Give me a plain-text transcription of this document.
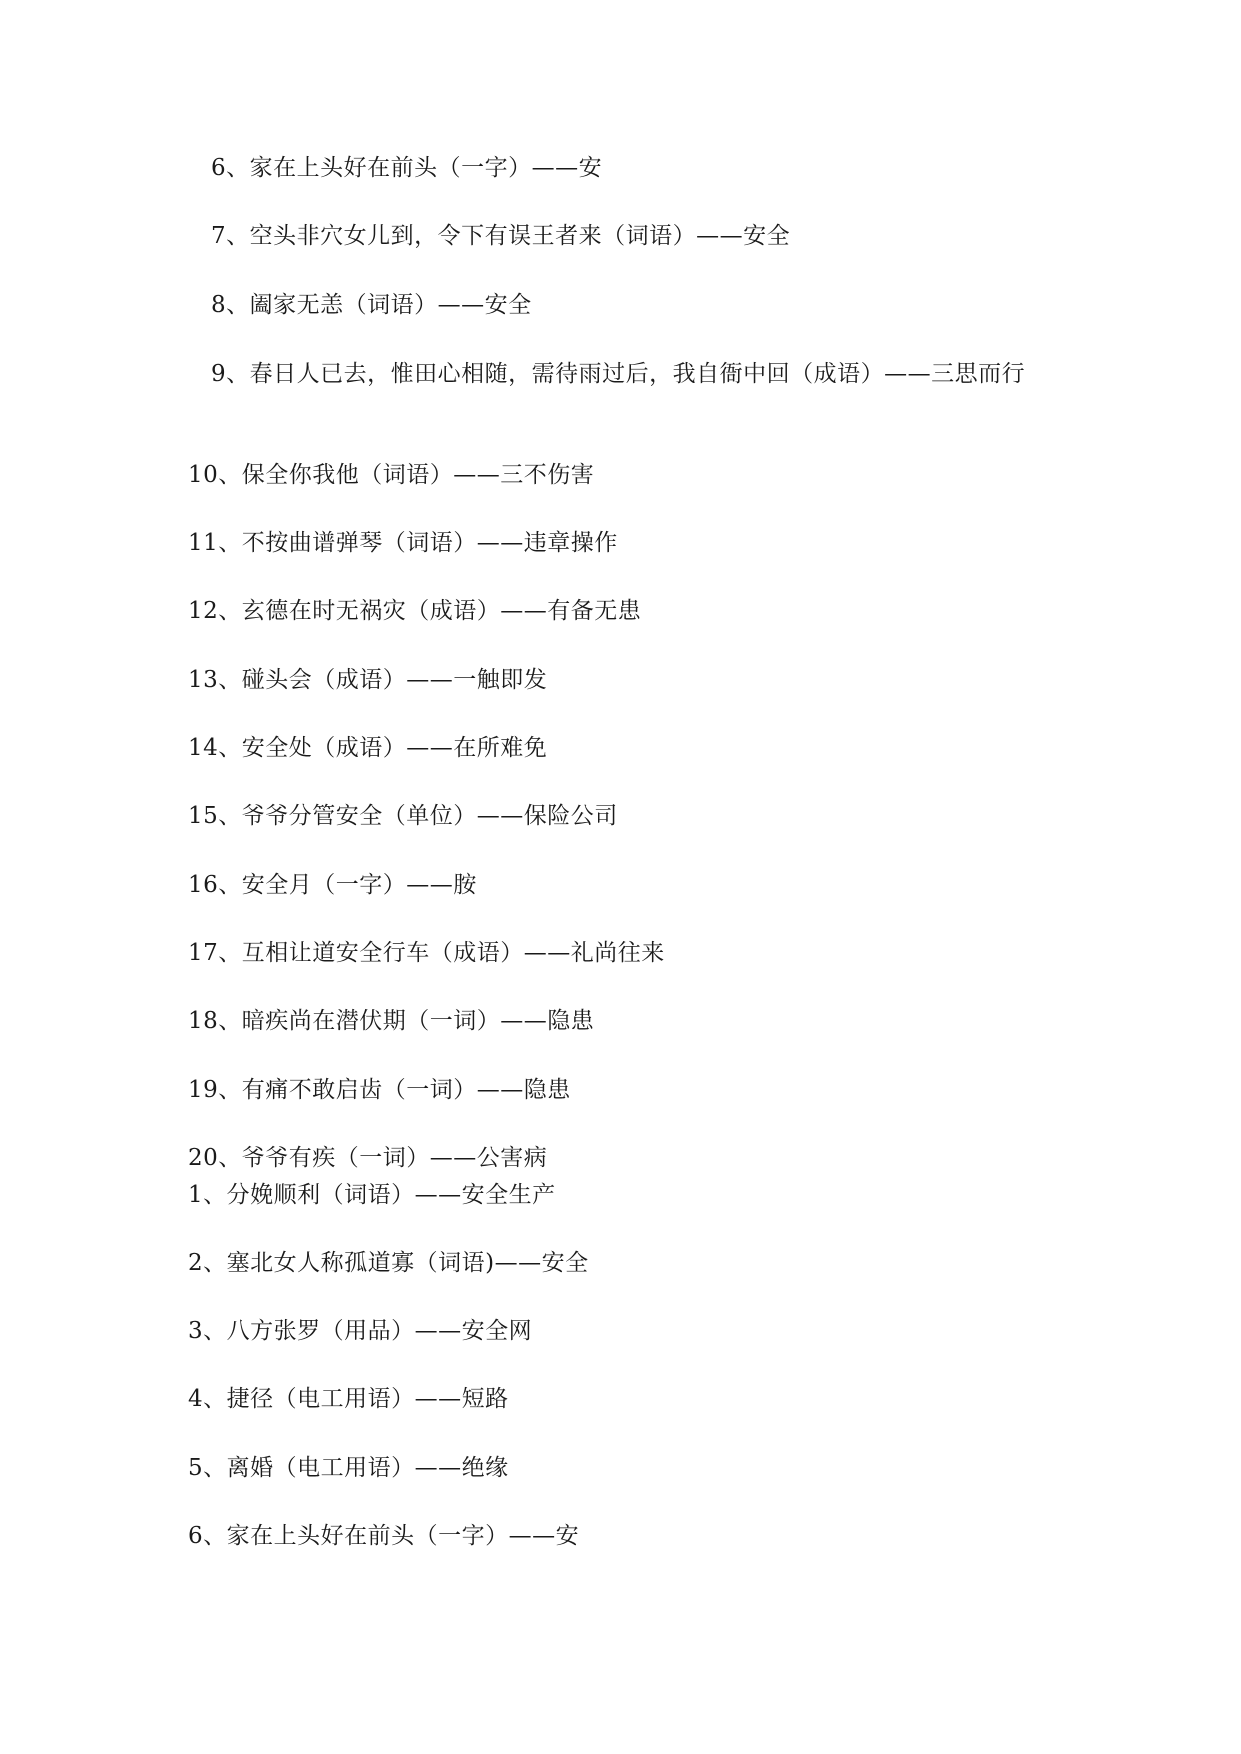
6、家在上头好在前头（一字）——安
7、空头非穴女儿到，令下有误王者来（词语）——安全
8、阖家无恙（词语）——安全
9、春日人已去，惟田心相随，需待雨过后，我自衙中回（成语）——三思而行
10、保全你我他（词语）——三不伤害
11、不按曲谱弹琴（词语）——违章操作
12、玄德在时无祸灾（成语）——有备无患
13、碰头会（成语）——一触即发
14、安全处（成语）——在所难免
15、爷爷分管安全（单位）——保险公司
16、安全月（一字）——胺
17、互相让道安全行车（成语）——礼尚往来
18、暗疾尚在潜伏期（一词）——隐患
19、有痛不敢启齿（一词）——隐患
20、爷爷有疾（一词）——公害病
1、分娩顺利（词语）——安全生产
2、塞北女人称孤道寡（词语)——安全
3、八方张罗（用品）——安全网
4、捷径（电工用语）——短路
5、离婚（电工用语）——绝缘
6、家在上头好在前头（一字）——安
